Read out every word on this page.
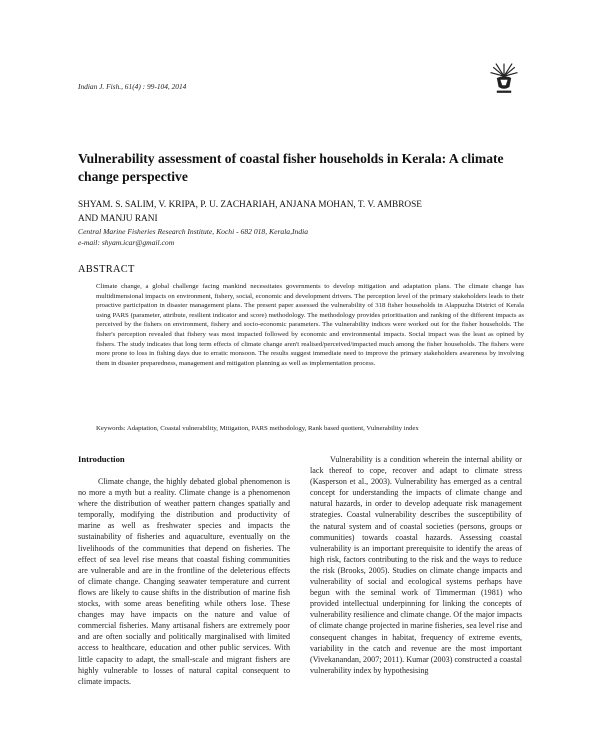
Indian J. Fish., 61(4) : 99-104, 2014
Vulnerability assessment of coastal fisher households in Kerala: A climate change perspective
SHYAM. S. SALIM, V. KRIPA, P. U. ZACHARIAH, ANJANA MOHAN, T. V. AMBROSE
AND MANJU RANI
Central Marine Fisheries Research Institute, Kochi - 682 018, Kerala,India
e-mail: shyam.icar@gmail.com
ABSTRACT

Climate change, a global challenge facing mankind necessitates governments to develop mitigation and adaptation plans. The climate change has multidimensional impacts on environment, fishery, social, economic and development drivers. The perception level of the primary stakeholders leads to their proactive participation in disaster management plans. The present paper assessed the vulnerability of 318 fisher households in Alappuzha District of Kerala using PARS (parameter, attribute, resilient indicator and score) methodology. The methodology provides prioritisation and ranking of the different impacts as perceived by the fishers on environment, fishery and socio-economic parameters. The vulnerability indices were worked out for the fisher households. The fisher's perception revealed that fishery was most impacted followed by economic and environmental impacts. Social impact was the least as opined by fishers. The study indicates that long term effects of climate change aren't realised/perceived/impacted much among the fisher households. The fishers were more prone to loss in fishing days due to erratic monsoon. The results suggest immediate need to improve the primary stakeholders awareness by involving them in disaster preparedness, management and mitigation planning as well as implementation process.

Keywords: Adaptation, Coastal vulnerability, Mitigation, PARS methodology, Rank based quotient, Vulnerability index

Introduction

Climate change, the highly debated global phenomenon is no more a myth but a reality. Climate change is a phenomenon where the distribution of weather pattern changes spatially and temporally, modifying the distribution and productivity of marine as well as freshwater species and impacts the sustainability of fisheries and aquaculture, eventually on the livelihoods of the communities that depend on fisheries. The effect of sea level rise means that coastal fishing communities are vulnerable and are in the frontline of the deleterious effects of climate change. Changing seawater temperature and current flows are likely to cause shifts in the distribution of marine fish stocks, with some areas benefiting while others lose. These changes may have impacts on the nature and value of commercial fisheries. Many artisanal fishers are extremely poor and are often socially and politically marginalised with limited access to healthcare, education and other public services. With little capacity to adapt, the small-scale and migrant fishers are highly vulnerable to losses of natural capital consequent to climate impacts.

Vulnerability is a condition wherein the internal ability or lack thereof to cope, recover and adapt to climate stress (Kasperson et al., 2003). Vulnerability has emerged as a central concept for understanding the impacts of climate change and natural hazards, in order to develop adequate risk management strategies. Coastal vulnerability describes the susceptibility of the natural system and of coastal societies (persons, groups or communities) towards coastal hazards. Assessing coastal vulnerability is an important prerequisite to identify the areas of high risk, factors contributing to the risk and the ways to reduce the risk (Brooks, 2005). Studies on climate change impacts and vulnerability of social and ecological systems perhaps have begun with the seminal work of Timmerman (1981) who provided intellectual underpinning for linking the concepts of vulnerability resilience and climate change. Of the major impacts of climate change projected in marine fisheries, sea level rise and consequent changes in habitat, frequency of extreme events, variability in the catch and revenue are the most important (Vivekanandan, 2007; 2011). Kumar (2003) constructed a coastal vulnerability index by hypothesising
